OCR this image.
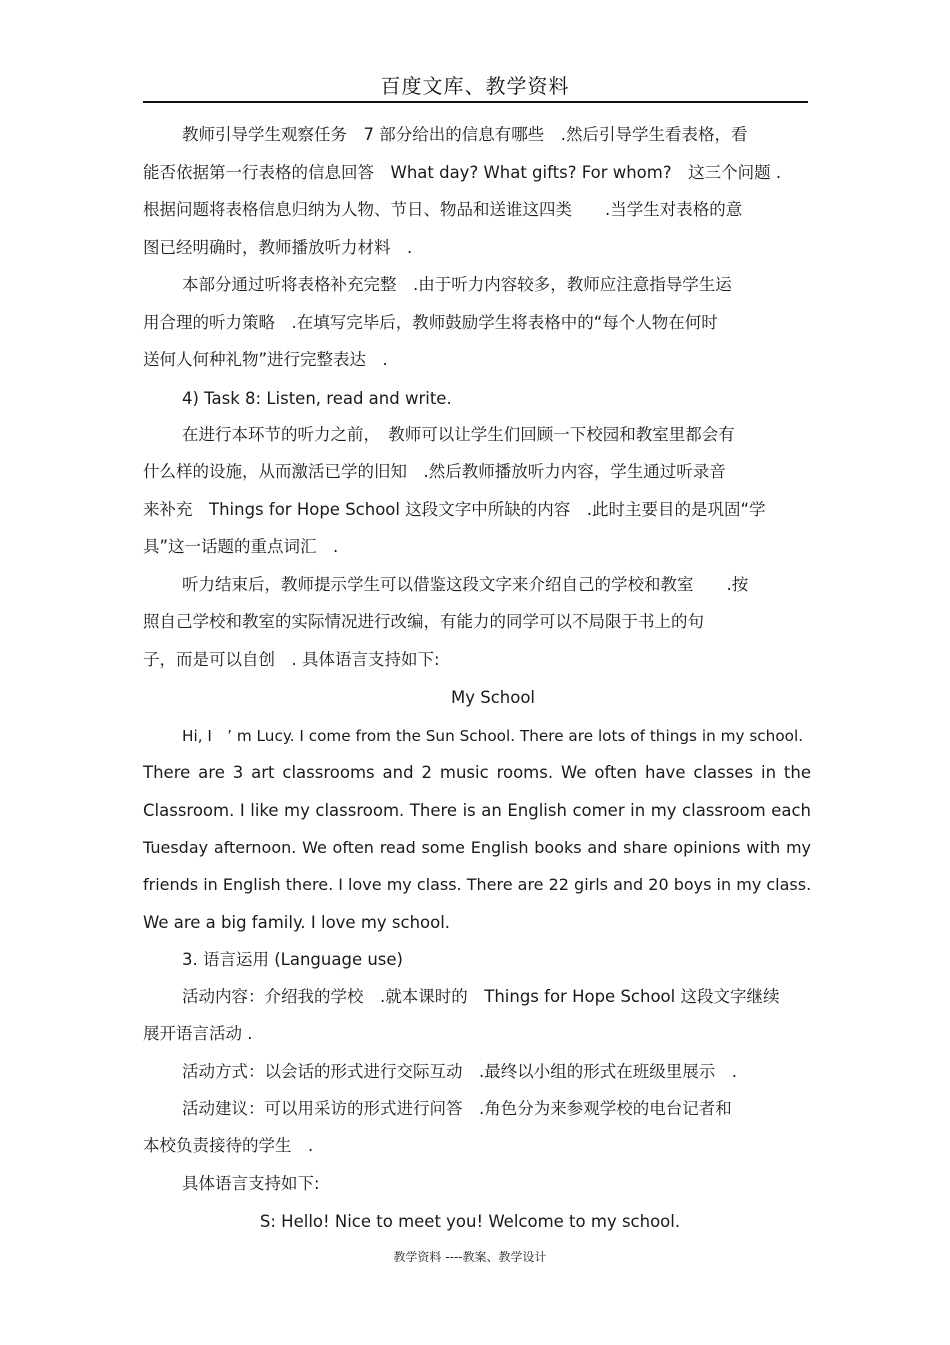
百度文库、教学资料
教师引导学生观察任务　7 部分给出的信息有哪些　.然后引导学生看表格，看
能否依据第一行表格的信息回答　What day? What gifts? For whom?　这三个问题 .
根据问题将表格信息归纳为人物、节日、物品和送谁这四类　　.当学生对表格的意
图已经明确时，教师播放听力材料　.
本部分通过听将表格补充完整　.由于听力内容较多，教师应注意指导学生运
用合理的听力策略　.在填写完毕后，教师鼓励学生将表格中的“每个人物在何时
送何人何种礼物”进行完整表达　.
4) Task 8: Listen, read and write.
在进行本环节的听力之前，　教师可以让学生们回顾一下校园和教室里都会有
什么样的设施，从而激活已学的旧知　.然后教师播放听力内容，学生通过听录音
来补充　Things for Hope School 这段文字中所缺的内容　.此时主要目的是巩固“学
具”这一话题的重点词汇　.
听力结束后，教师提示学生可以借鉴这段文字来介绍自己的学校和教室　　.按
照自己学校和教室的实际情况进行改编，有能力的同学可以不局限于书上的句
子，而是可以自创　. 具体语言支持如下:
My School
Hi, I　’ m Lucy. I come from the Sun School. There are lots of things in my school.
There are 3 art classrooms and 2 music rooms. We often have classes in the
Classroom. I like my classroom. There is an English comer in my classroom each
Tuesday afternoon. We often read some English books and share opinions with my
friends in English there. I love my class. There are 22 girls and 20 boys in my class.
We are a big family. I love my school.
3. 语言运用 (Language use)
活动内容：介绍我的学校　.就本课时的　Things for Hope School 这段文字继续
展开语言活动 .
活动方式：以会话的形式进行交际互动　.最终以小组的形式在班级里展示　.
活动建议：可以用采访的形式进行问答　.角色分为来参观学校的电台记者和
本校负责接待的学生　.
具体语言支持如下:
S: Hello! Nice to meet you! Welcome to my school.
教学资料 ----教案、教学设计
